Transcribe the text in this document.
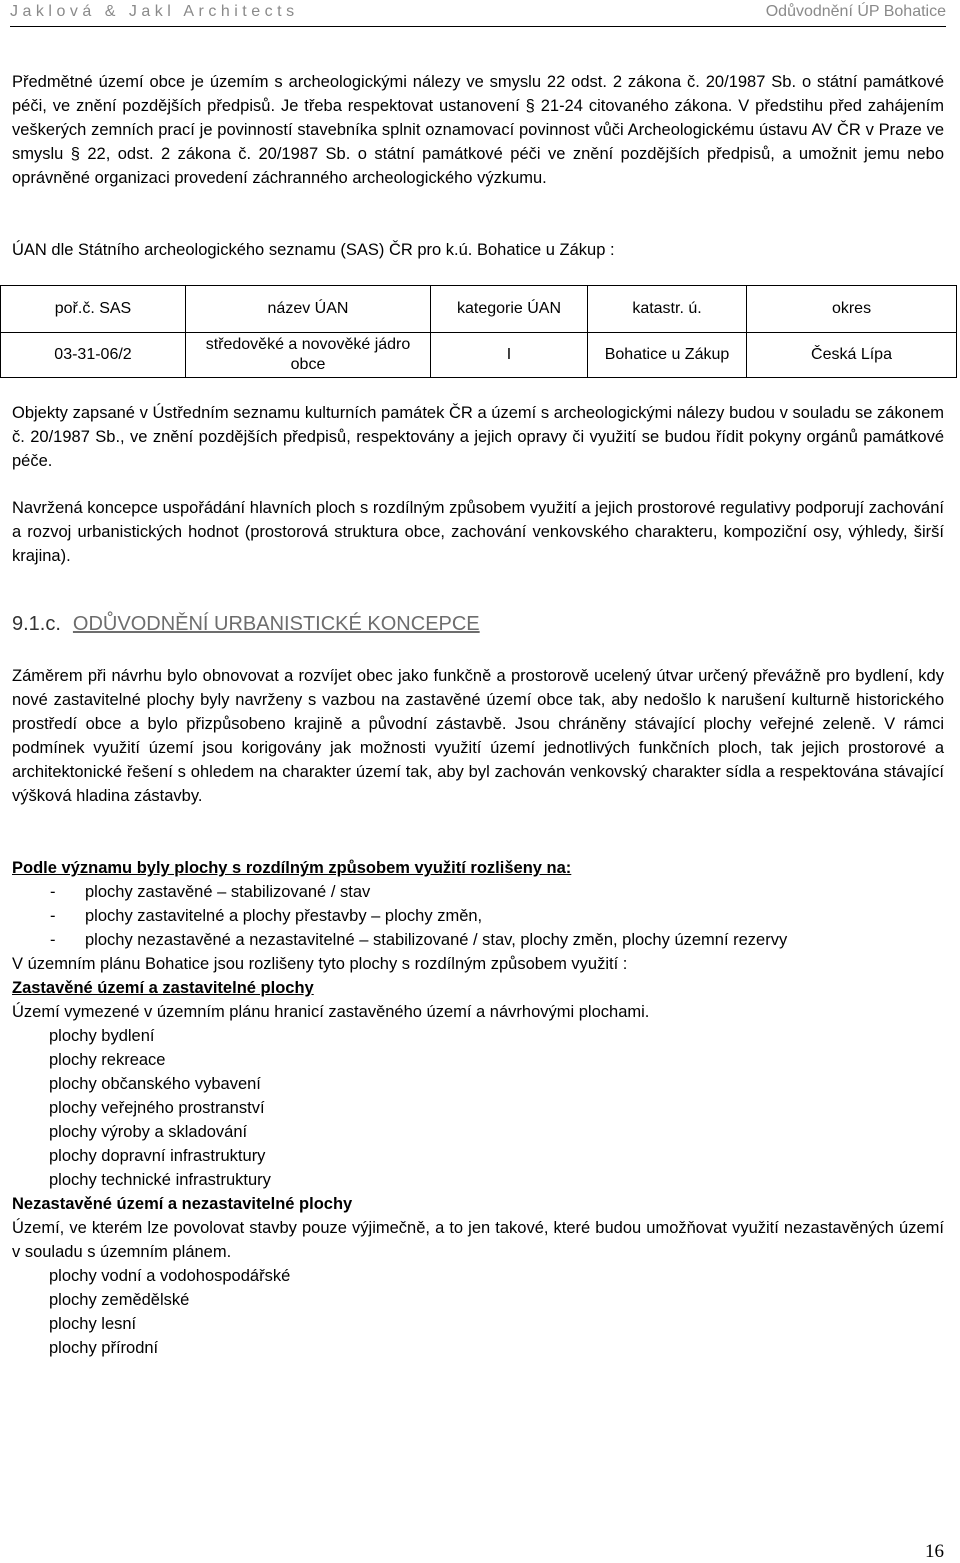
Jaklová & Jakl Architects	Odůvodnění ÚP Bohatice

Předmětné území obce je územím s archeologickými nálezy ve smyslu 22 odst. 2 zákona č. 20/1987 Sb. o státní památkové péči, ve znění pozdějších předpisů. Je třeba respektovat ustanovení § 21-24 citovaného zákona. V předstihu před zahájením veškerých zemních prací je povinností stavebníka splnit oznamovací povinnost vůči Archeologickému ústavu AV ČR v Praze ve smyslu § 22, odst. 2 zákona č. 20/1987 Sb. o státní památkové péči ve znění pozdějších předpisů, a umožnit jemu nebo oprávněné organizaci provedení záchranného archeologického výzkumu.

ÚAN dle Státního archeologického seznamu (SAS) ČR pro k.ú. Bohatice u Zákup :

poř.č. SAS	název ÚAN	kategorie ÚAN	katastr. ú.	okres
03-31-06/2	středověké a novověké jádro obce	I	Bohatice u Zákup	Česká Lípa

Objekty zapsané v Ústředním seznamu kulturních památek ČR a území s archeologickými nálezy budou v souladu se zákonem č. 20/1987 Sb., ve znění pozdějších předpisů, respektovány a jejich opravy či využití se budou řídit pokyny orgánů památkové péče.

Navržená koncepce uspořádání hlavních ploch s rozdílným způsobem využití a jejich prostorové regulativy podporují zachování a rozvoj urbanistických hodnot (prostorová struktura obce, zachování venkovského charakteru, kompoziční osy, výhledy, širší krajina).

9.1.c. ODŮVODNĚNÍ URBANISTICKÉ KONCEPCE

Záměrem při návrhu bylo obnovovat a rozvíjet obec jako funkčně a prostorově ucelený útvar určený převážně pro bydlení, kdy nové zastavitelné plochy byly navrženy s vazbou na zastavěné území obce tak, aby nedošlo k narušení kulturně historického prostředí obce a bylo přizpůsobeno krajině a původní zástavbě. Jsou chráněny stávající plochy veřejné zeleně. V rámci podmínek využití území jsou korigovány jak možnosti využití území jednotlivých funkčních ploch, tak jejich prostorové a architektonické řešení s ohledem na charakter území tak, aby byl zachován venkovský charakter sídla a respektována stávající výšková hladina zástavby.

Podle významu byly plochy s rozdílným způsobem využití rozlišeny na:
- plochy zastavěné – stabilizované / stav
- plochy zastavitelné a plochy přestavby – plochy změn,
- plochy nezastavěné a nezastavitelné – stabilizované / stav, plochy změn, plochy územní rezervy
V územním plánu Bohatice jsou rozlišeny tyto plochy s rozdílným způsobem využití :
Zastavěné území a zastavitelné plochy
Území vymezené v územním plánu hranicí zastavěného území a návrhovými plochami.
plochy bydlení
plochy rekreace
plochy občanského vybavení
plochy veřejného prostranství
plochy výroby a skladování
plochy dopravní infrastruktury
plochy technické infrastruktury
Nezastavěné území a nezastavitelné plochy
Území, ve kterém lze povolovat stavby pouze výjimečně, a to jen takové, které budou umožňovat využití nezastavěných území v souladu s územním plánem.
plochy vodní a vodohospodářské
plochy zemědělské
plochy lesní
plochy přírodní
16
